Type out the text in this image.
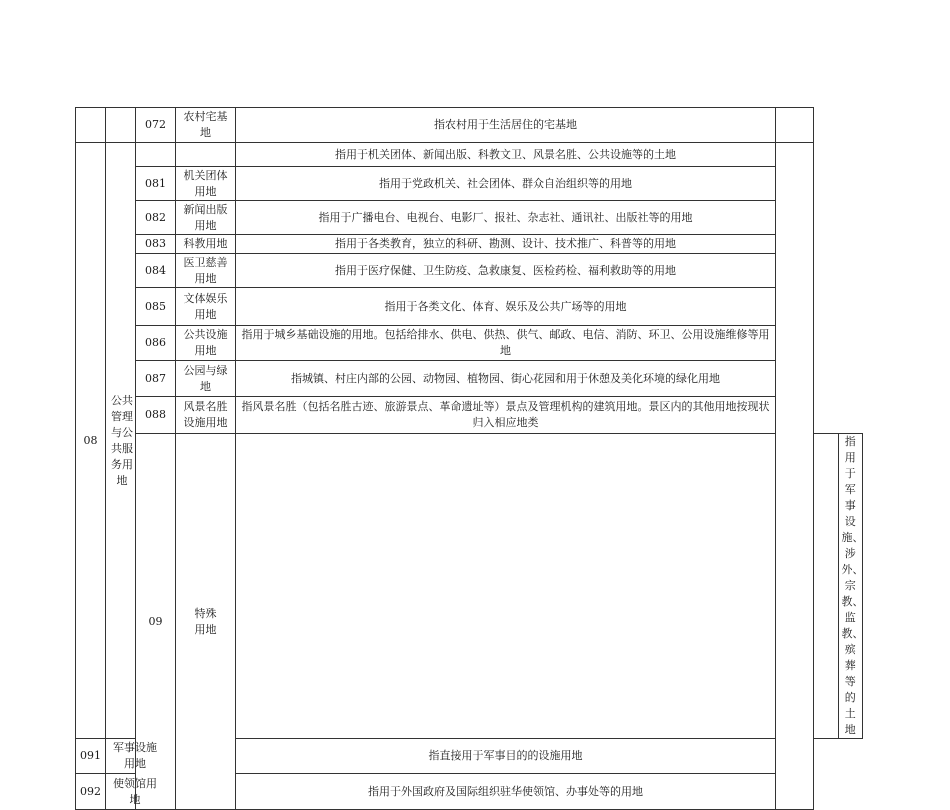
		072	农村宅基地	指农村用于生活居住的宅基地			
08	公共管理与公共服务用地			指用于机关团体、新闻出版、科教文卫、风景名胜、公共设施等的土地			
		081	机关团体用地	指用于党政机关、社会团体、群众自治组织等的用地			
		082	新闻出版用地	指用于广播电台、电视台、电影厂、报社、杂志社、通讯社、出版社等的用地			
		083	科教用地	指用于各类教育，独立的科研、勘测、设计、技术推广、科普等的用地			
		084	医卫慈善用地	指用于医疗保健、卫生防疫、急救康复、医检药检、福利救助等的用地			
		085	文体娱乐用地	指用于各类文化、体育、娱乐及公共广场等的用地			
		086	公共设施用地	指用于城乡基础设施的用地。包括给排水、供电、供热、供气、邮政、电信、消防、环卫、公用设施维修等用地			
		087	公园与绿地	指城镇、村庄内部的公园、动物园、植物园、街心花园和用于休憩及美化环境的绿化用地			
		088	风景名胜设施用地	指风景名胜（包括名胜古迹、旅游景点、革命遗址等）景点及管理机构的建筑用地。景区内的其他用地按现状归入相应地类			
		09	特殊用地				指用于军事设施、涉外、宗教、监教、殡葬等的土地
091	军事设施用地			指直接用于军事目的的设施用地			
092	使领馆用地			指用于外国政府及国际组织驻华使领馆、办事处等的用地			
